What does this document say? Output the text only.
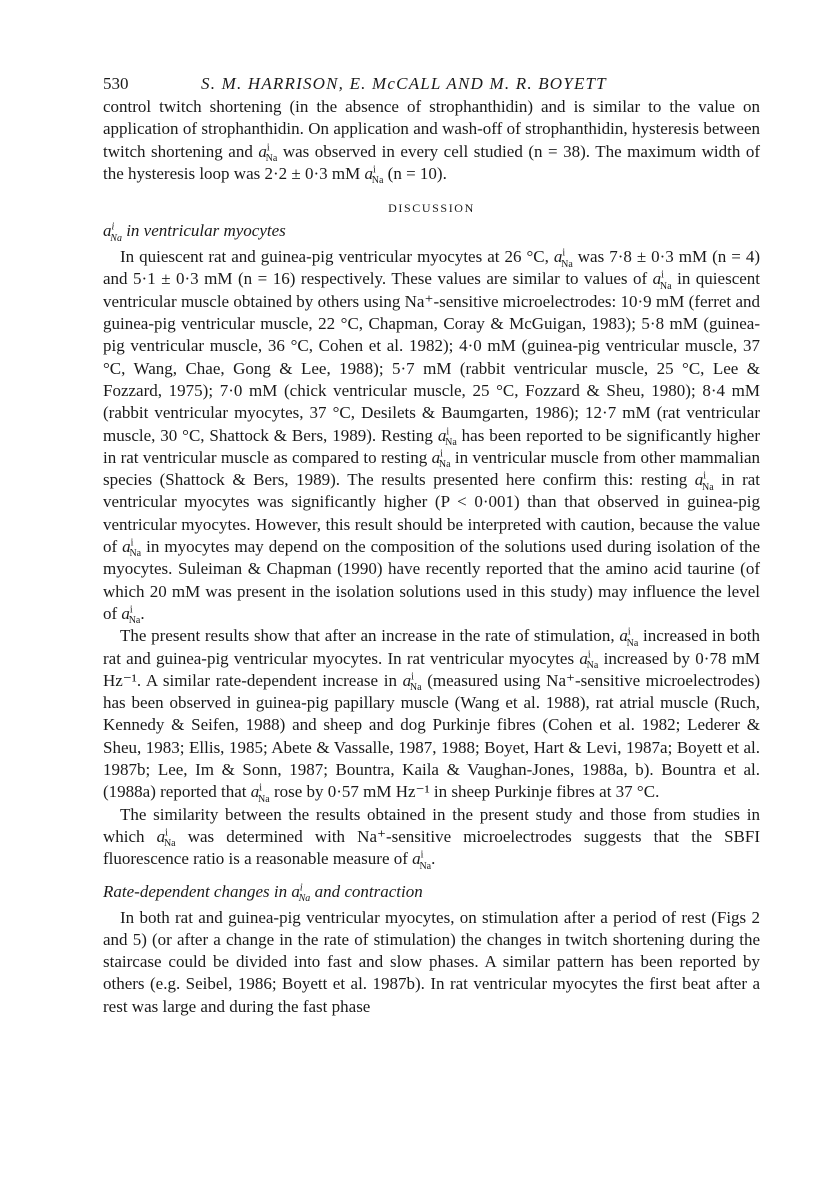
530	S. M. HARRISON, E. McCALL AND M. R. BOYETT

control twitch shortening (in the absence of strophanthidin) and is similar to the value on application of strophanthidin. On application and wash-off of strophanthidin, hysteresis between twitch shortening and $a^i_{Na}$ was observed in every cell studied (n = 38). The maximum width of the hysteresis loop was 2·2 ± 0·3 mM $a^i_{Na}$ (n = 10).

DISCUSSION
$a^i_{Na}$ in ventricular myocytes

In quiescent rat and guinea-pig ventricular myocytes at 26 °C, $a^i_{Na}$ was 7·8 ± 0·3 mM (n = 4) and 5·1 ± 0·3 mM (n = 16) respectively. These values are similar to values of $a^i_{Na}$ in quiescent ventricular muscle obtained by others using Na⁺-sensitive microelectrodes: 10·9 mM (ferret and guinea-pig ventricular muscle, 22 °C, Chapman, Coray & McGuigan, 1983); 5·8 mM (guinea-pig ventricular muscle, 36 °C, Cohen et al. 1982); 4·0 mM (guinea-pig ventricular muscle, 37 °C, Wang, Chae, Gong & Lee, 1988); 5·7 mM (rabbit ventricular muscle, 25 °C, Lee & Fozzard, 1975); 7·0 mM (chick ventricular muscle, 25 °C, Fozzard & Sheu, 1980); 8·4 mM (rabbit ventricular myocytes, 37 °C, Desilets & Baumgarten, 1986); 12·7 mM (rat ventricular muscle, 30 °C, Shattock & Bers, 1989). Resting $a^i_{Na}$ has been reported to be significantly higher in rat ventricular muscle as compared to resting $a^i_{Na}$ in ventricular muscle from other mammalian species (Shattock & Bers, 1989). The results presented here confirm this: resting $a^i_{Na}$ in rat ventricular myocytes was significantly higher (P < 0·001) than that observed in guinea-pig ventricular myocytes. However, this result should be interpreted with caution, because the value of $a^i_{Na}$ in myocytes may depend on the composition of the solutions used during isolation of the myocytes. Suleiman & Chapman (1990) have recently reported that the amino acid taurine (of which 20 mM was present in the isolation solutions used in this study) may influence the level of $a^i_{Na}$.

The present results show that after an increase in the rate of stimulation, $a^i_{Na}$ increased in both rat and guinea-pig ventricular myocytes. In rat ventricular myocytes $a^i_{Na}$ increased by 0·78 mM Hz⁻¹. A similar rate-dependent increase in $a^i_{Na}$ (measured using Na⁺-sensitive microelectrodes) has been observed in guinea-pig papillary muscle (Wang et al. 1988), rat atrial muscle (Ruch, Kennedy & Seifen, 1988) and sheep and dog Purkinje fibres (Cohen et al. 1982; Lederer & Sheu, 1983; Ellis, 1985; Abete & Vassalle, 1987, 1988; Boyet, Hart & Levi, 1987a; Boyett et al. 1987b; Lee, Im & Sonn, 1987; Bountra, Kaila & Vaughan-Jones, 1988a, b). Bountra et al. (1988a) reported that $a^i_{Na}$ rose by 0·57 mM Hz⁻¹ in sheep Purkinje fibres at 37 °C.

The similarity between the results obtained in the present study and those from studies in which $a^i_{Na}$ was determined with Na⁺-sensitive microelectrodes suggests that the SBFI fluorescence ratio is a reasonable measure of $a^i_{Na}$.

Rate-dependent changes in $a^i_{Na}$ and contraction

In both rat and guinea-pig ventricular myocytes, on stimulation after a period of rest (Figs 2 and 5) (or after a change in the rate of stimulation) the changes in twitch shortening during the staircase could be divided into fast and slow phases. A similar pattern has been reported by others (e.g. Seibel, 1986; Boyett et al. 1987b). In rat ventricular myocytes the first beat after a rest was large and during the fast phase
